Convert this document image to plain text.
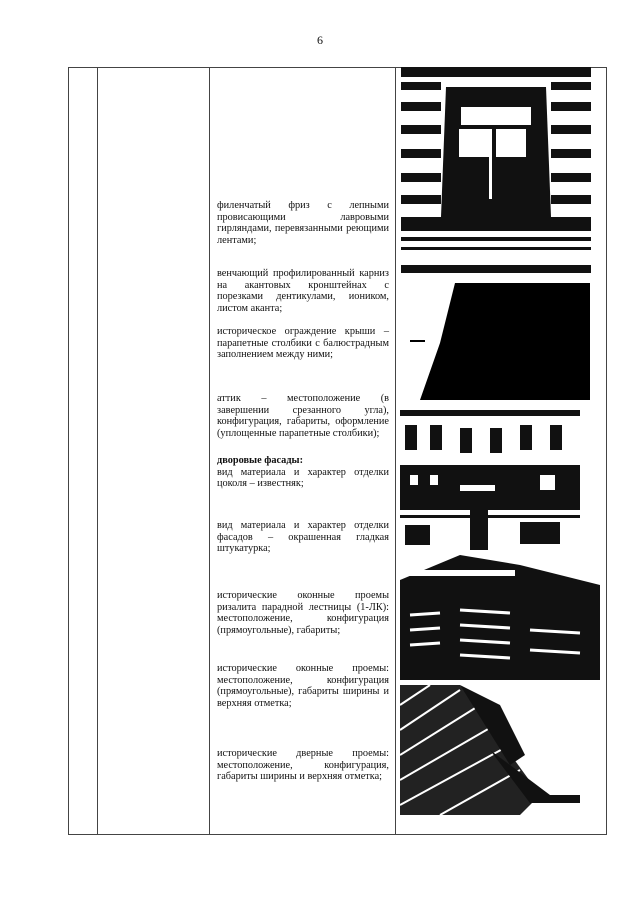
6
филенчатый фриз с лепными провисающими лавровыми гирляндами, перевязанными реющими лентами;
венчающий профилированный карниз на акантовых кронштейнах с порезками дентикулами, иоником, листом аканта;
историческое ограждение крыши – парапетные столбики с балюстрадным заполнением между ними;
аттик – местоположение (в завершении срезанного угла), конфигурация, габариты, оформление (уплощенные парапетные столбики);
дворовые фасады:
вид материала и характер отделки цоколя – известняк;
вид материала и характер отделки фасадов – окрашенная гладкая штукатурка;
исторические оконные проемы ризалита парадной лестницы (1-ЛК): местоположение, конфигурация (прямоугольные), габариты;
исторические оконные проемы: местоположение, конфигурация (прямоугольные), габариты ширины и верхняя отметка;
исторические дверные проемы: местоположение, конфигурация, габариты ширины и верхняя отметка;
